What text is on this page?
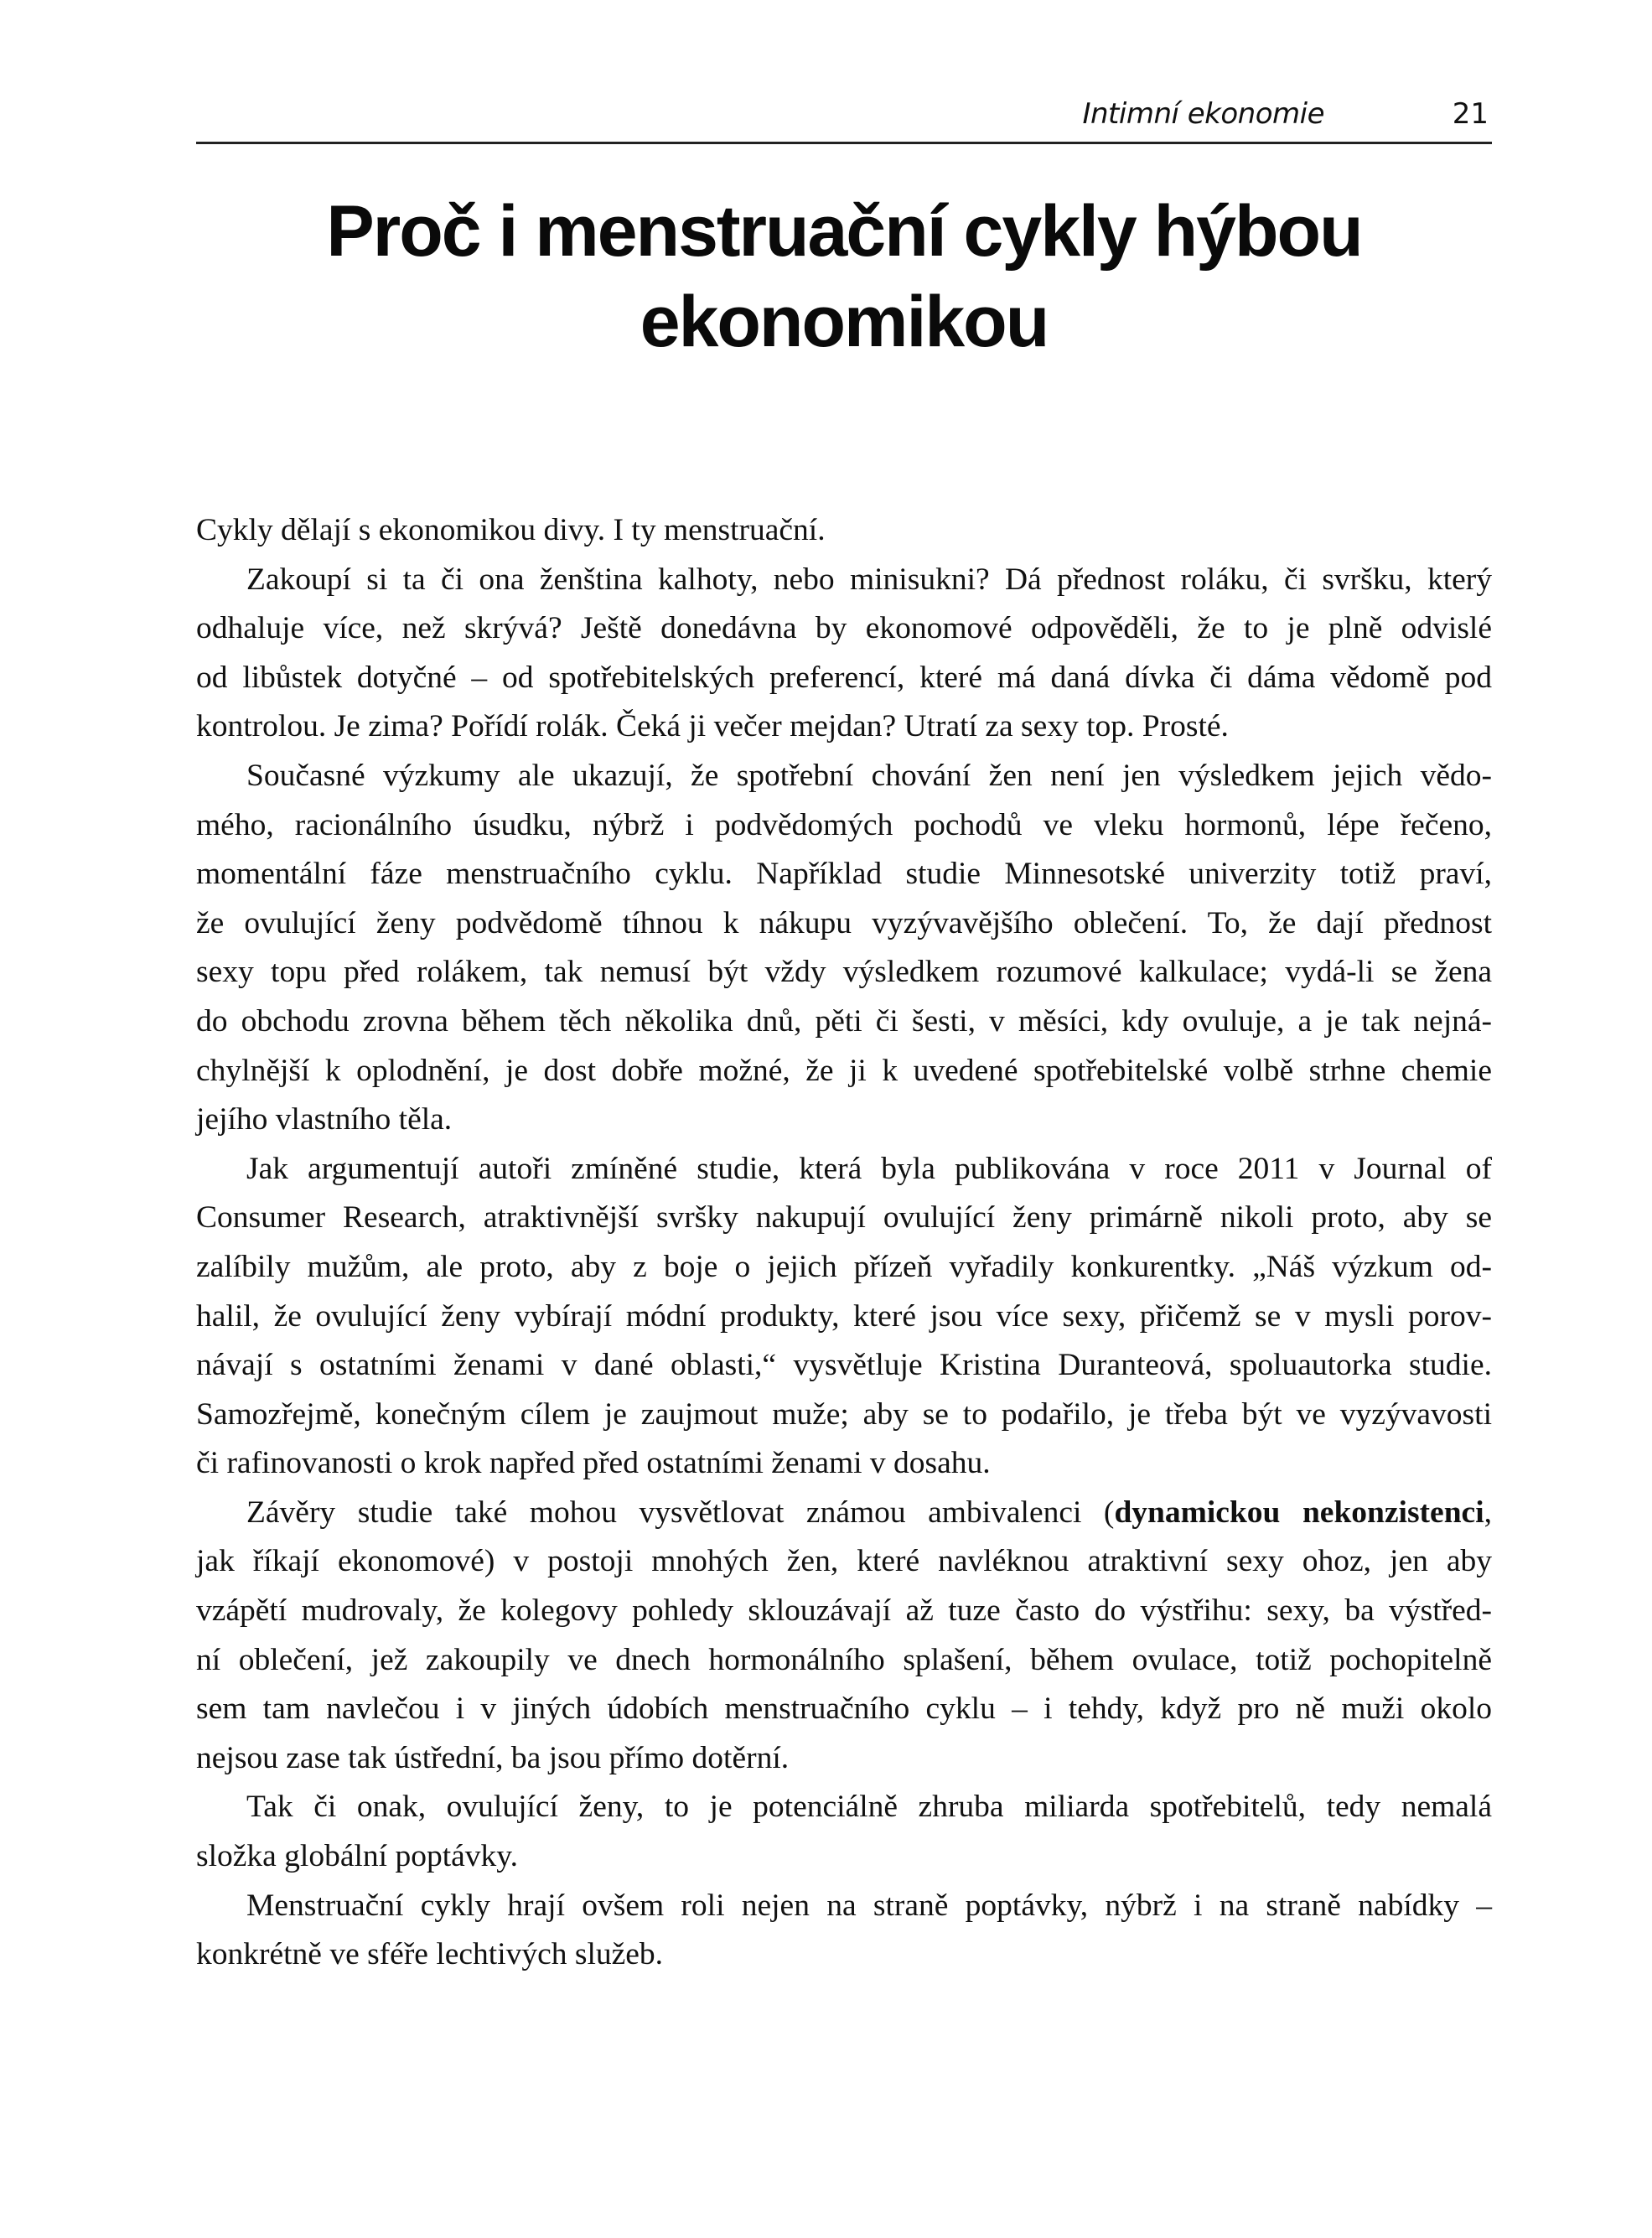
Intimní ekonomie	21
Proč i menstruační cykly hýbou
ekonomikou
Cykly dělají s ekonomikou divy. I ty menstruační.
Zakoupí si ta či ona ženština kalhoty, nebo minisukni? Dá přednost roláku, či svršku, který
odhaluje více, než skrývá? Ještě donedávna by ekonomové odpověděli, že to je plně odvislé
od libůstek dotyčné – od spotřebitelských preferencí, které má daná dívka či dáma vědomě pod
kontrolou. Je zima? Pořídí rolák. Čeká ji večer mejdan? Utratí za sexy top. Prosté.
Současné výzkumy ale ukazují, že spotřební chování žen není jen výsledkem jejich vědo-
mého, racionálního úsudku, nýbrž i podvědomých pochodů ve vleku hormonů, lépe řečeno,
momentální fáze menstruačního cyklu. Například studie Minnesotské univerzity totiž praví,
že ovulující ženy podvědomě tíhnou k nákupu vyzývavějšího oblečení. To, že dají přednost
sexy topu před rolákem, tak nemusí být vždy výsledkem rozumové kalkulace; vydá-li se žena
do obchodu zrovna během těch několika dnů, pěti či šesti, v měsíci, kdy ovuluje, a je tak nejná-
chylnější k oplodnění, je dost dobře možné, že ji k uvedené spotřebitelské volbě strhne chemie
jejího vlastního těla.
Jak argumentují autoři zmíněné studie, která byla publikována v roce 2011 v Journal of
Consumer Research, atraktivnější svršky nakupují ovulující ženy primárně nikoli proto, aby se
zalíbily mužům, ale proto, aby z boje o jejich přízeň vyřadily konkurentky. „Náš výzkum od-
halil, že ovulující ženy vybírají módní produkty, které jsou více sexy, přičemž se v mysli porov-
návají s ostatními ženami v dané oblasti,“ vysvětluje Kristina Duranteová, spoluautorka studie.
Samozřejmě, konečným cílem je zaujmout muže; aby se to podařilo, je třeba být ve vyzývavosti
či rafinovanosti o krok napřed před ostatními ženami v dosahu.
Závěry studie také mohou vysvětlovat známou ambivalenci (dynamickou nekonzistenci,
jak říkají ekonomové) v postoji mnohých žen, které navléknou atraktivní sexy ohoz, jen aby
vzápětí mudrovaly, že kolegovy pohledy sklouzávají až tuze často do výstřihu: sexy, ba výstřed-
ní oblečení, jež zakoupily ve dnech hormonálního splašení, během ovulace, totiž pochopitelně
sem tam navlečou i v jiných údobích menstruačního cyklu – i tehdy, když pro ně muži okolo
nejsou zase tak ústřední, ba jsou přímo dotěrní.
Tak či onak, ovulující ženy, to je potenciálně zhruba miliarda spotřebitelů, tedy nemalá
složka globální poptávky.
Menstruační cykly hrají ovšem roli nejen na straně poptávky, nýbrž i na straně nabídky –
konkrétně ve sféře lechtivých služeb.
